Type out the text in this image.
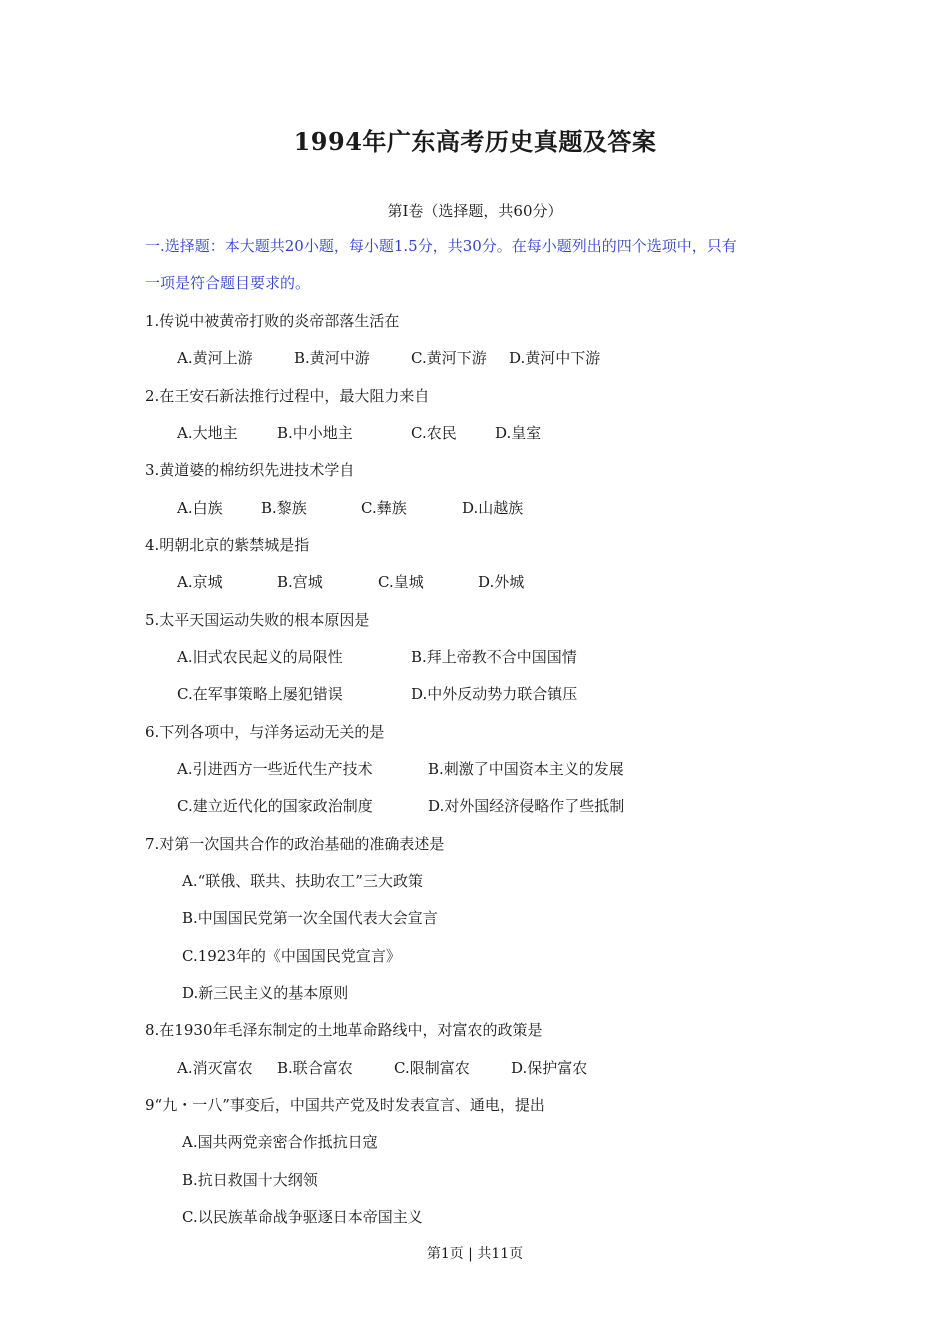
1994年广东高考历史真题及答案
第Ⅰ卷（选择题，共60分）
一.选择题：本大题共20小题，每小题1.5分，共30分。在每小题列出的四个选项中，只有
一项是符合题目要求的。
1.传说中被黄帝打败的炎帝部落生活在
A.黄河上游	B.黄河中游	C.黄河下游 D.黄河中下游
2.在王安石新法推行过程中，最大阻力来自
A.大地主	B.中小地主	C.农民	D.皇室
3.黄道婆的棉纺织先进技术学自
A.白族	B.黎族	C.彝族	D.山越族
4.明朝北京的紫禁城是指
A.京城	B.宫城	C.皇城	D.外城
5.太平天国运动失败的根本原因是
A.旧式农民起义的局限性	B.拜上帝教不合中国国情
C.在军事策略上屡犯错误	D.中外反动势力联合镇压
6.下列各项中，与洋务运动无关的是
A.引进西方一些近代生产技术	B.刺激了中国资本主义的发展
C.建立近代化的国家政治制度	D.对外国经济侵略作了些抵制
7.对第一次国共合作的政治基础的准确表述是
A.“联俄、联共、扶助农工”三大政策
B.中国国民党第一次全国代表大会宣言
C.1923年的《中国国民党宣言》
D.新三民主义的基本原则
8.在1930年毛泽东制定的土地革命路线中，对富农的政策是
A.消灭富农 B.联合富农	C.限制富农	D.保护富农
9“九・一八”事变后，中国共产党及时发表宣言、通电，提出
A.国共两党亲密合作抵抗日寇
B.抗日救国十大纲领
C.以民族革命战争驱逐日本帝国主义
第1页 | 共11页
